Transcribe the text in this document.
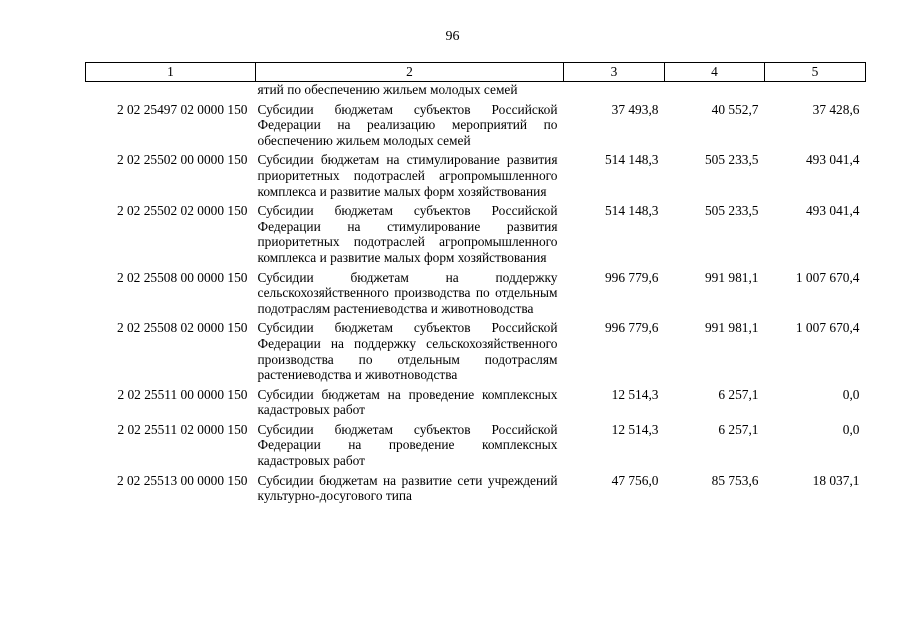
96
1	2	3	4	5
	ятий по обеспечению жильем молодых семей			
2 02 25497 02 0000 150	Субсидии бюджетам субъектов Российской Федерации на реализацию мероприятий по обеспечению жильем молодых семей	37 493,8	40 552,7	37 428,6
2 02 25502 00 0000 150	Субсидии бюджетам на стимулирование развития приоритетных подотраслей агропромышленного комплекса и развитие малых форм хозяйствования	514 148,3	505 233,5	493 041,4
2 02 25502 02 0000 150	Субсидии бюджетам субъектов Российской Федерации на стимулирование развития приоритетных подотраслей агропромышленного комплекса и развитие малых форм хозяйствования	514 148,3	505 233,5	493 041,4
2 02 25508 00 0000 150	Субсидии бюджетам на поддержку сельскохозяйственного производства по отдельным подотраслям растениеводства и животноводства	996 779,6	991 981,1	1 007 670,4
2 02 25508 02 0000 150	Субсидии бюджетам субъектов Российской Федерации на поддержку сельскохозяйственного производства по отдельным подотраслям растениеводства и животноводства	996 779,6	991 981,1	1 007 670,4
2 02 25511 00 0000 150	Субсидии бюджетам на проведение комплексных кадастровых работ	12 514,3	6 257,1	0,0
2 02 25511 02 0000 150	Субсидии бюджетам субъектов Российской Федерации на проведение комплексных кадастровых работ	12 514,3	6 257,1	0,0
2 02 25513 00 0000 150	Субсидии бюджетам на развитие сети учреждений культурно-досугового типа	47 756,0	85 753,6	18 037,1
